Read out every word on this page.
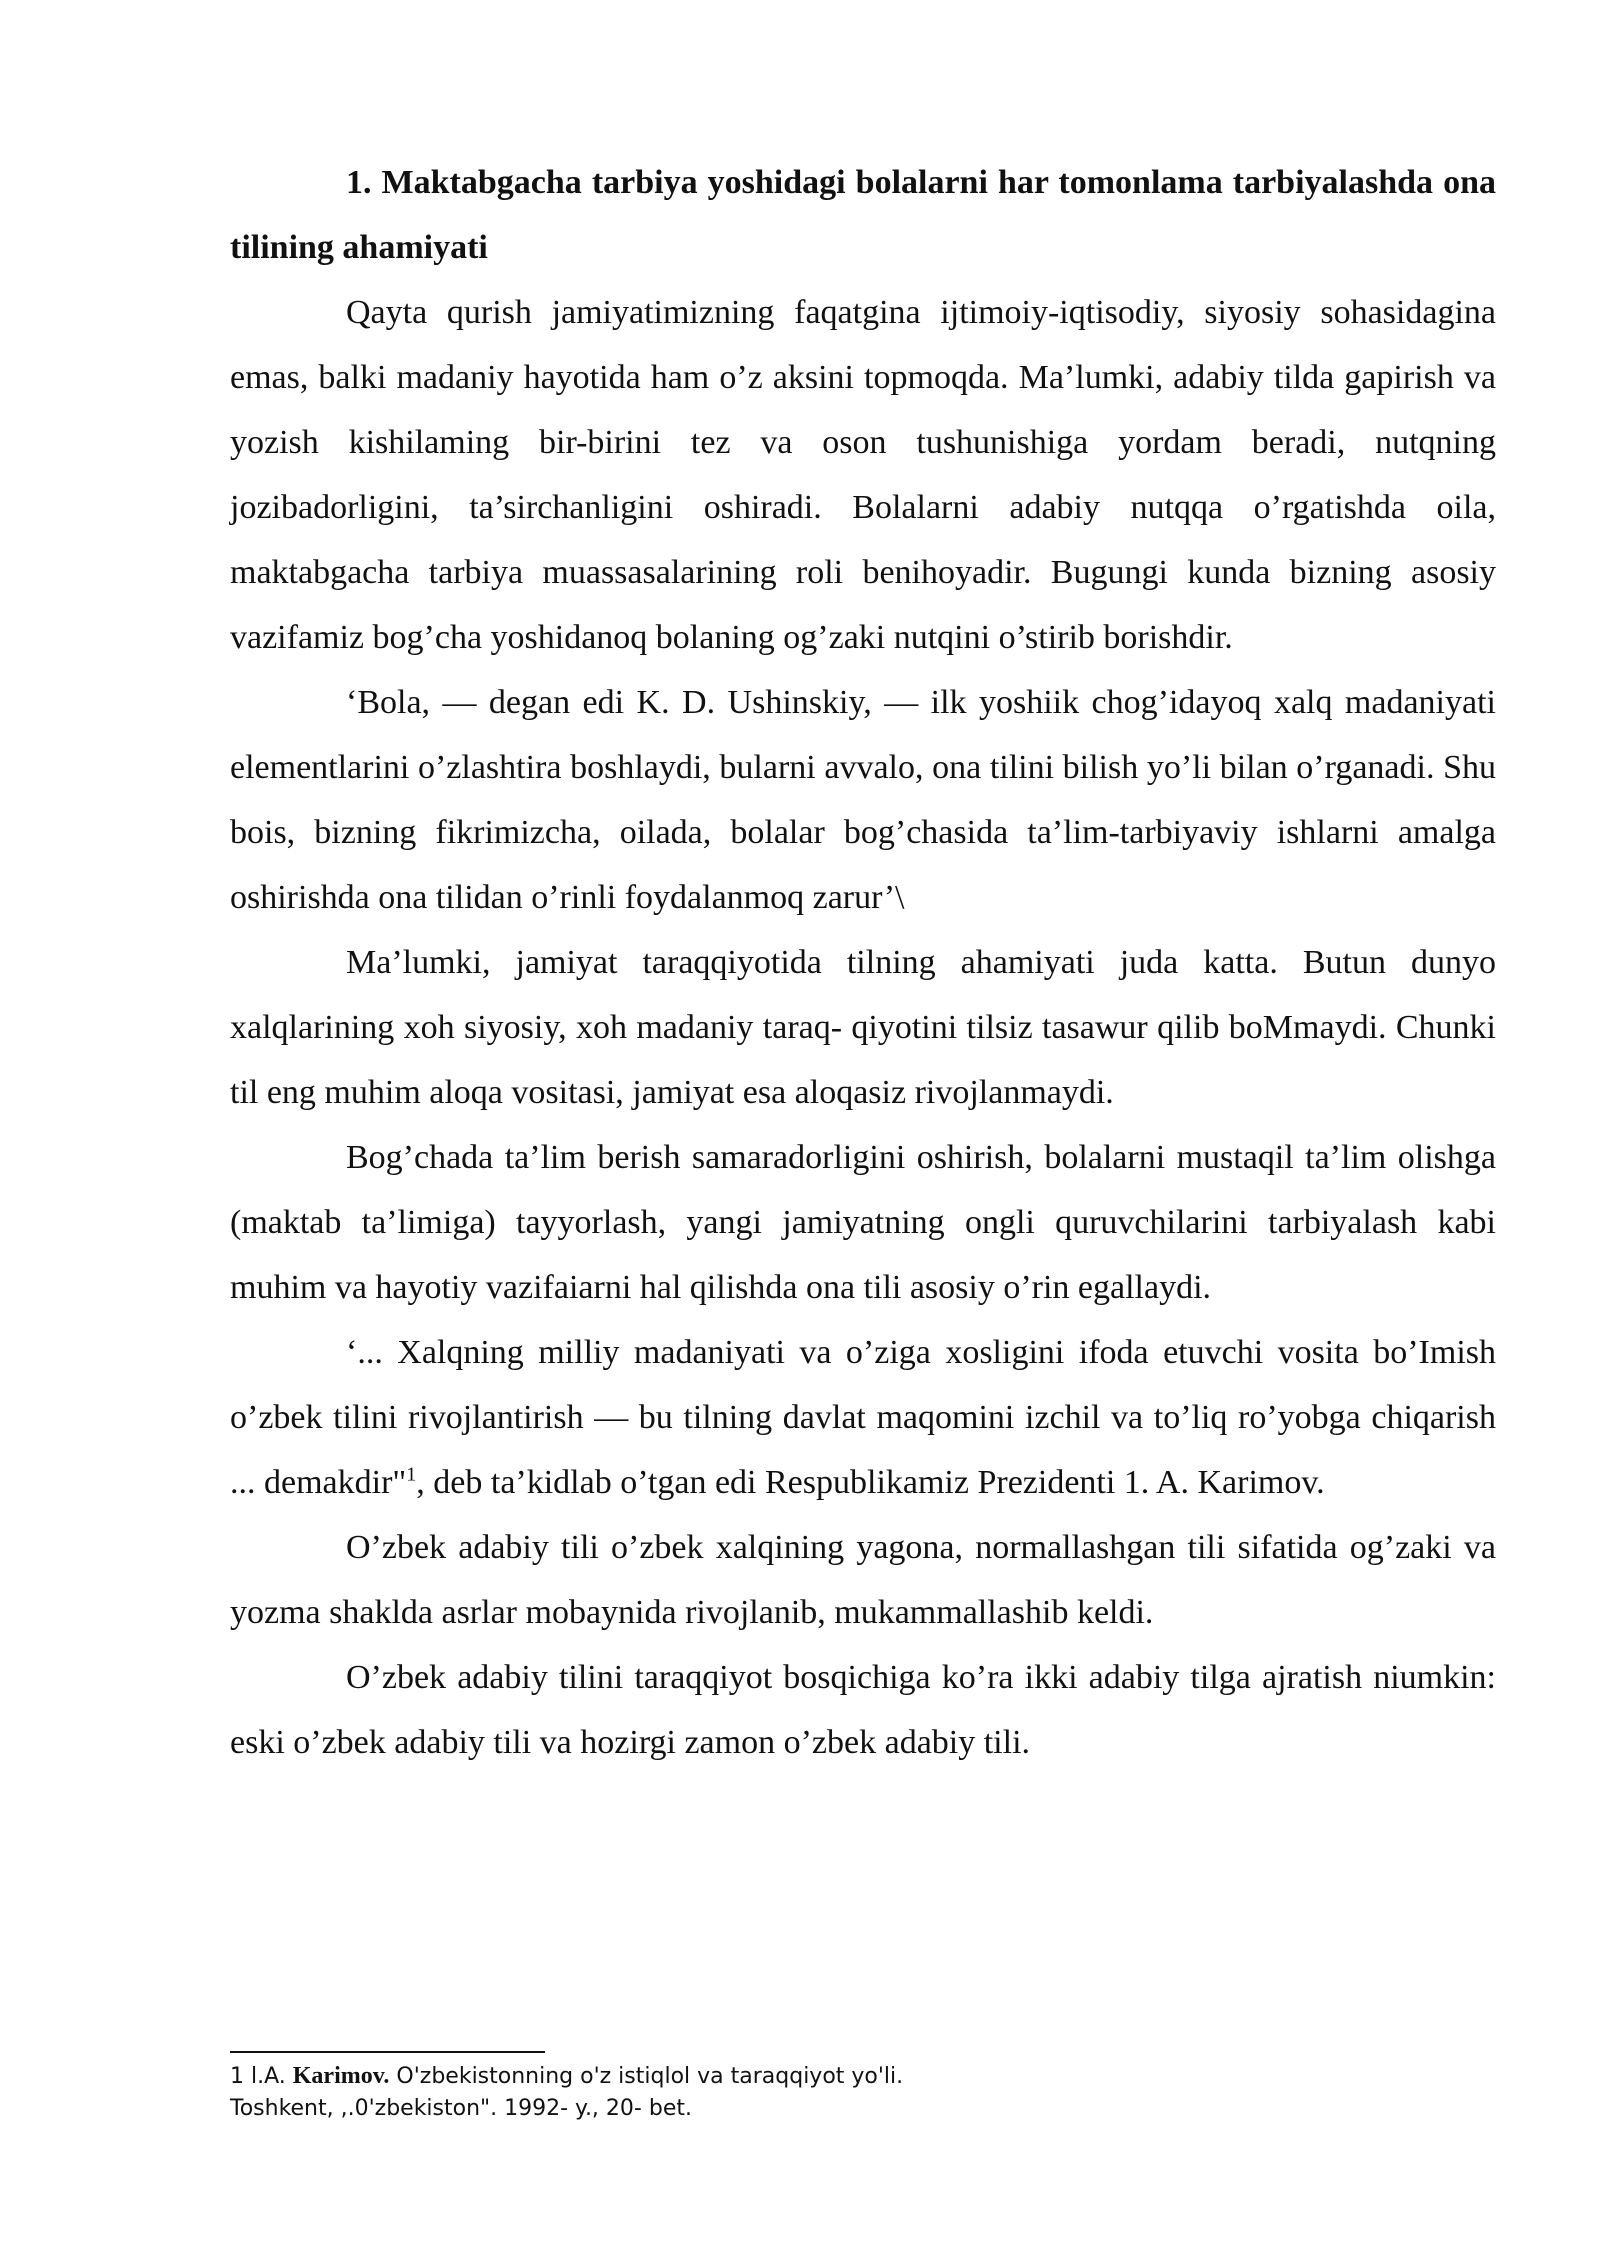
1. Maktabgacha tarbiya yoshidagi bolalarni har tomonlama tarbiyalashda ona tilining ahamiyati

Qayta qurish jamiyatimizning faqatgina ijtimoiy-iqtisodiy, siyosiy sohasidagina emas, balki madaniy hayotida ham o’z aksini topmoqda. Ma’lumki, adabiy tilda gapirish va yozish kishilaming bir-birini tez va oson tushunishiga yordam beradi, nutqning jozibadorligini, ta’sirchanligini oshiradi. Bolalarni adabiy nutqqa o’rgatishda oila, maktabgacha tarbiya muassasalarining roli benihoyadir. Bugungi kunda bizning asosiy vazifamiz bog’cha yoshidanoq bolaning og’zaki nutqini o’stirib borishdir.

‘Bola, — degan edi K. D. Ushinskiy, — ilk yoshiik chog’idayoq xalq madaniyati elementlarini o’zlashtira boshlaydi, bularni avvalo, ona tilini bilish yo’li bilan o’rganadi. Shu bois, bizning fikrimizcha, oilada, bolalar bog’chasida ta’lim-tarbiyaviy ishlarni amalga oshirishda ona tilidan o’rinli foydalanmoq zarur’\

Ma’lumki, jamiyat taraqqiyotida tilning ahamiyati juda katta. Butun dunyo xalqlarining xoh siyosiy, xoh madaniy taraq- qiyotini tilsiz tasawur qilib boMmaydi. Chunki til eng muhim aloqa vositasi, jamiyat esa aloqasiz rivojlanmaydi.

Bog’chada ta’lim berish samaradorligini oshirish, bolalarni mustaqil ta’lim olishga (maktab ta’limiga) tayyorlash, yangi jamiyatning ongli quruvchilarini tarbiyalash kabi muhim va hayotiy vazifaiarni hal qilishda ona tili asosiy o’rin egallaydi.

‘... Xalqning milliy madaniyati va o’ziga xosligini ifoda etuvchi vosita bo’Imish o’zbek tilini rivojlantirish — bu tilning davlat maqomini izchil va to’liq ro’yobga chiqarish ... demakdir"$^1$, deb ta’kidlab o’tgan edi Respublikamiz Prezidenti 1. A. Karimov.

O’zbek adabiy tili o’zbek xalqining yagona, normallashgan tili sifatida og’zaki va yozma shaklda asrlar mobaynida rivojlanib, mukammallashib keldi.

O’zbek adabiy tilini taraqqiyot bosqichiga ko’ra ikki adabiy tilga ajratish niumkin: eski o’zbek adabiy tili va hozirgi zamon o’zbek adabiy tili.

1 l.A. Karimov. O'zbekistonning o'z istiqlol va taraqqiyot yo'li.
Toshkent, ,.0'zbekiston". 1992- y., 20- bet.
